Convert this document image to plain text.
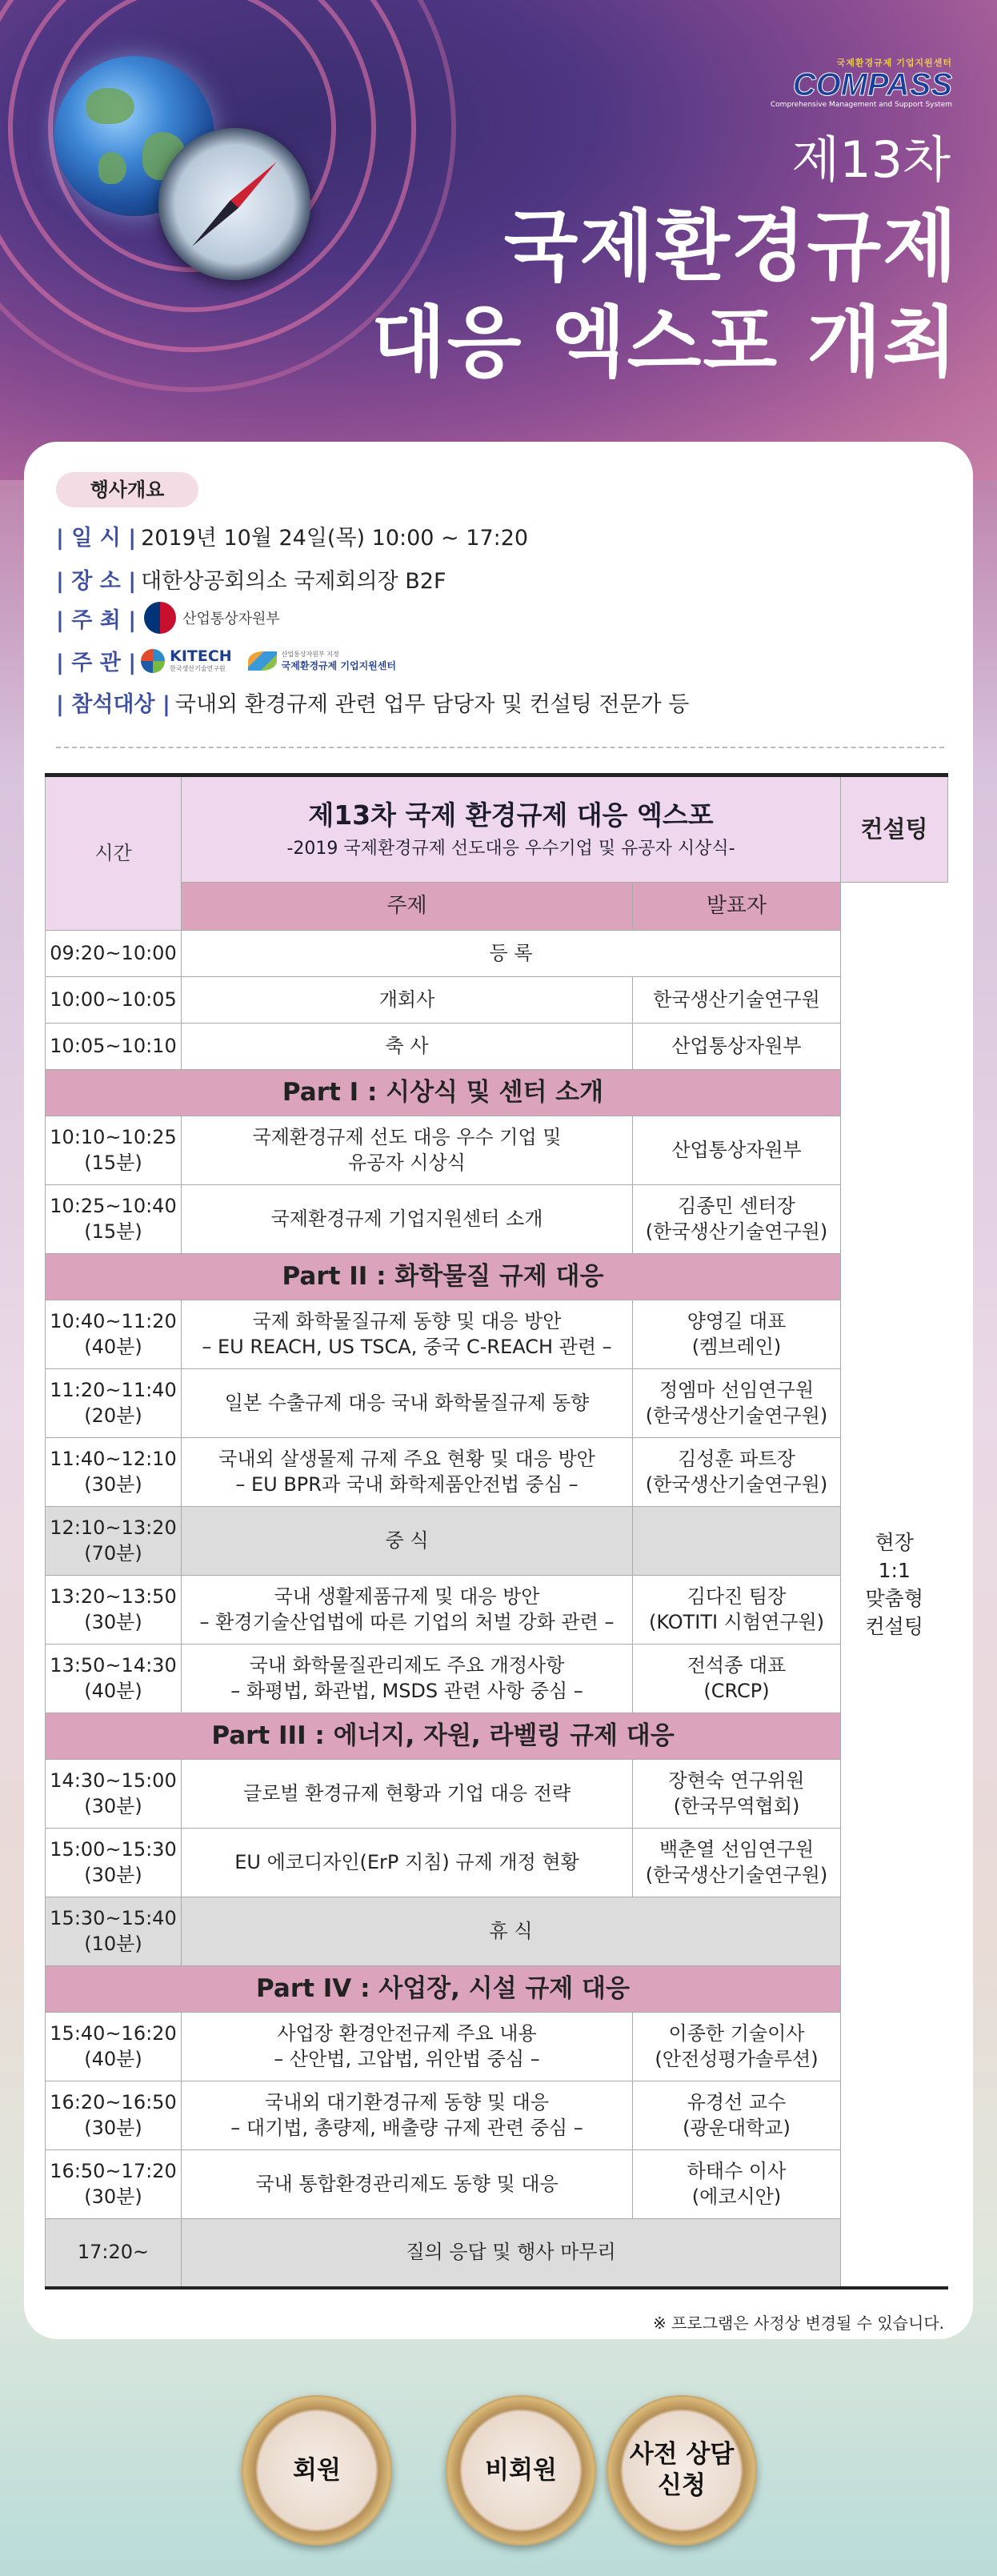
국제환경규제 기업지원센터
COMPASS
Comprehensive Management and Support System
제13차
국제환경규제
대응 엑스포 개최
행사개요
| 일 시 | 2019년 10월 24일(목) 10:00 ~ 17:20
| 장 소 | 대한상공회의소 국제회의장 B2F
| 주 최 |	산업통상자원부
| 주 관 | KITECH
한국생산기술연구원
산업통상자원부 지정
국제환경규제 기업지원센터
| 참석대상 | 국내외 환경규제 관련 업무 담당자 및 컨설팅 전문가 등
시간	제13차 국제 환경규제 대응 엑스포
-2019 국제환경규제 선도대응 우수기업 및 유공자 시상식-		컨설팅
	주제	발표자	현장
1:1
맞춤형
컨설팅

09:20~10:00	등 록		
10:00~10:05	개회사	한국생산기술연구원	
10:05~10:10	축 사	산업통상자원부	
Part I : 시상식 및 센터 소개			
10:10~10:25
(15분)	국제환경규제 선도 대응 우수 기업 및
유공자 시상식	산업통상자원부	
10:25~10:40
(15분)	국제환경규제 기업지원센터 소개	김종민 센터장
(한국생산기술연구원)	
Part II : 화학물질 규제 대응			
10:40~11:20
(40분)	국제 화학물질규제 동향 및 대응 방안
– EU REACH, US TSCA, 중국 C-REACH 관련 –	양영길 대표
(켐브레인)	
11:20~11:40
(20분)	일본 수출규제 대응 국내 화학물질규제 동향	정엠마 선임연구원
(한국생산기술연구원)	
11:40~12:10
(30분)	국내외 살생물제 규제 주요 현황 및 대응 방안
– EU BPR과 국내 화학제품안전법 중심 –	김성훈 파트장
(한국생산기술연구원)	
12:10~13:20
(70분)	중 식		
13:20~13:50
(30분)	국내 생활제품규제 및 대응 방안
– 환경기술산업법에 따른 기업의 처벌 강화 관련 –	김다진 팀장
(KOTITI 시험연구원)	
13:50~14:30
(40분)	국내 화학물질관리제도 주요 개정사항
– 화평법, 화관법, MSDS 관련 사항 중심 –	전석종 대표
(CRCP)	
Part III : 에너지, 자원, 라벨링 규제 대응			
14:30~15:00
(30분)	글로벌 환경규제 현황과 기업 대응 전략	장현숙 연구위원
(한국무역협회)	
15:00~15:30
(30분)	EU 에코디자인(ErP 지침) 규제 개정 현황	백춘열 선임연구원
(한국생산기술연구원)	
15:30~15:40
(10분)	휴 식		
Part IV : 사업장, 시설 규제 대응			
15:40~16:20
(40분)	사업장 환경안전규제 주요 내용
– 산안법, 고압법, 위안법 중심 –	이종한 기술이사
(안전성평가솔루션)	
16:20~16:50
(30분)	국내외 대기환경규제 동향 및 대응
– 대기법, 총량제, 배출량 규제 관련 중심 –	유경선 교수
(광운대학교)	
16:50~17:20
(30분)	국내 통합환경관리제도 동향 및 대응	하태수 이사
(에코시안)	
17:20~	질의 응답 및 행사 마무리		
※ 프로그램은 사정상 변경될 수 있습니다.
회원	비회원
사전 상담
신청
